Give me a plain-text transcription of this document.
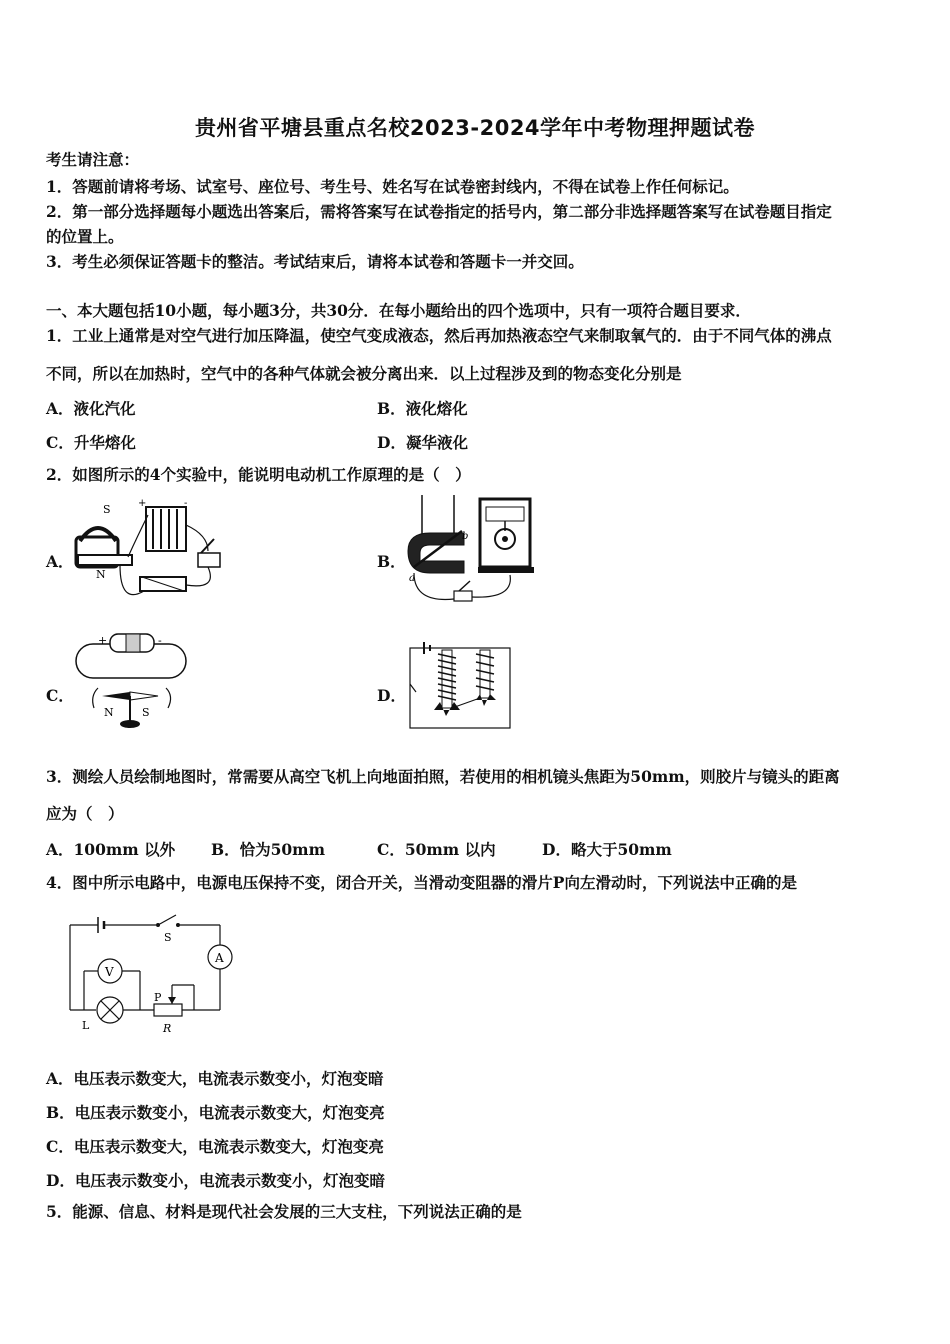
贵州省平塘县重点名校2023-2024学年中考物理押题试卷
考生请注意：
1．答题前请将考场、试室号、座位号、考生号、姓名写在试卷密封线内，不得在试卷上作任何标记。
2．第一部分选择题每小题选出答案后，需将答案写在试卷指定的括号内，第二部分非选择题答案写在试卷题目指定
的位置上。
3．考生必须保证答题卡的整洁。考试结束后，请将本试卷和答题卡一并交回。
一、本大题包括10小题，每小题3分，共30分．在每小题给出的四个选项中，只有一项符合题目要求．
1．工业上通常是对空气进行加压降温，使空气变成液态，然后再加热液态空气来制取氧气的．由于不同气体的沸点
不同，所以在加热时，空气中的各种气体就会被分离出来．以上过程涉及到的物态变化分别是
A．液化汽化	B．液化熔化
C．升华熔化	D．凝华液化
2．如图所示的4个实验中，能说明电动机工作原理的是（　）
A．	B．
C．	D．
S
N
+	-
a
b
+	-
N	S
3．测绘人员绘制地图时，常需要从高空飞机上向地面拍照，若使用的相机镜头焦距为50mm，则胶片与镜头的距离
应为（　）
A．100mm 以外 B．恰为50mm	C．50mm 以内	D．略大于50mm
4．图中所示电路中，电源电压保持不变，闭合开关，当滑动变阻器的滑片P向左滑动时，下列说法中正确的是
S
A
L	R
P
V
A．电压表示数变大，电流表示数变小，灯泡变暗
B．电压表示数变小，电流表示数变大，灯泡变亮
C．电压表示数变大，电流表示数变大，灯泡变亮
D．电压表示数变小，电流表示数变小，灯泡变暗
5．能源、信息、材料是现代社会发展的三大支柱，下列说法正确的是
